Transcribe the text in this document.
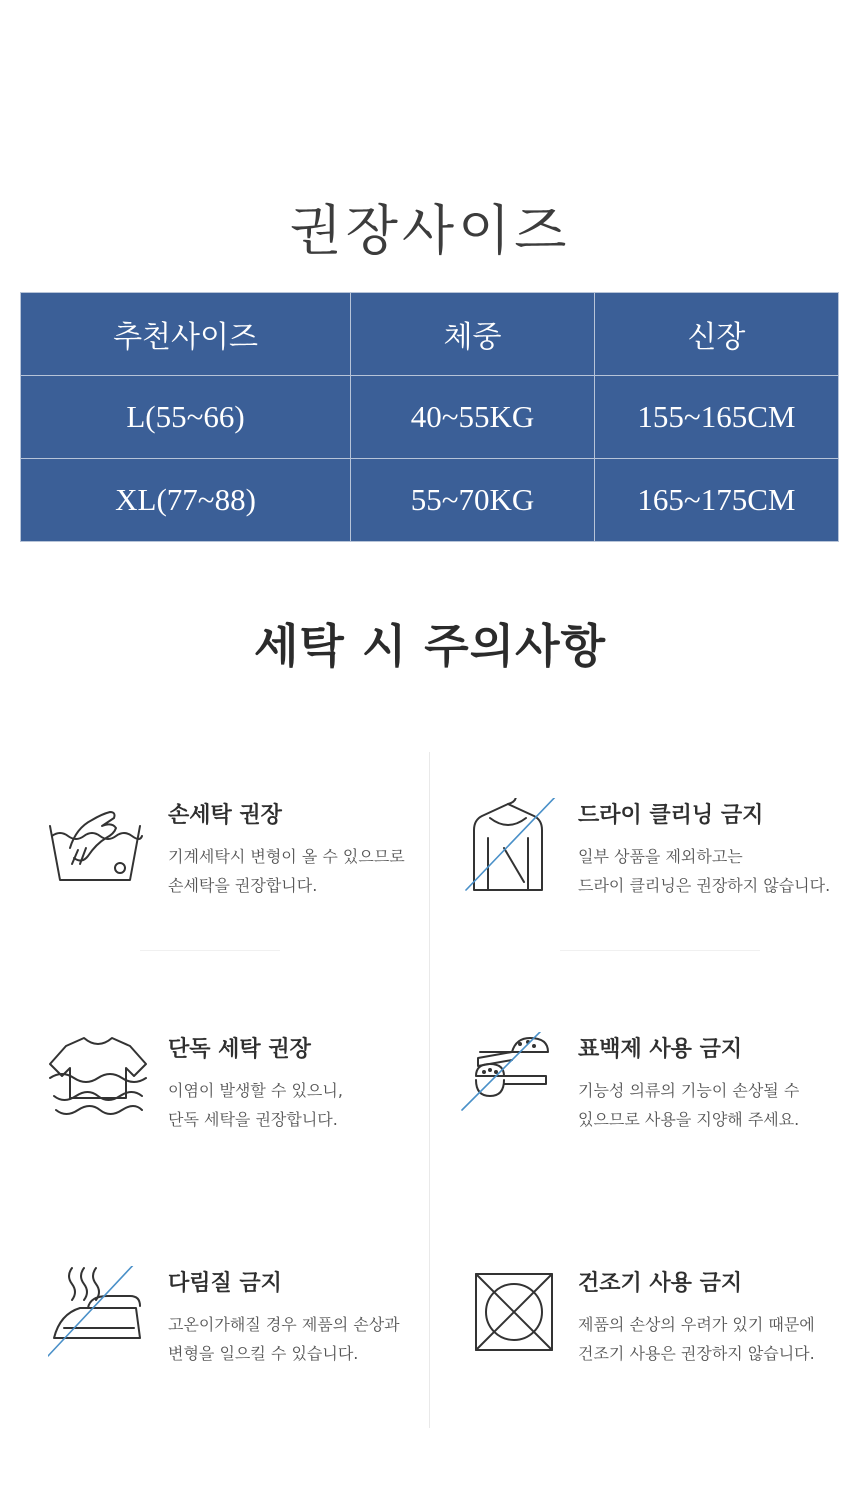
권장사이즈
추천사이즈	체중	신장
L(55~66)	40~55KG	155~165CM
XL(77~88)	55~70KG	165~175CM
세탁 시 주의사항
손세탁 권장

기계세탁시 변형이 올 수 있으므로
손세탁을 권장합니다.

드라이 클리닝 금지

일부 상품을 제외하고는
드라이 클리닝은 권장하지 않습니다.

단독 세탁 권장

이염이 발생할 수 있으니,
단독 세탁을 권장합니다.

표백제 사용 금지

기능성 의류의 기능이 손상될 수
있으므로 사용을 지양해 주세요.

다림질 금지

고온이가해질 경우 제품의 손상과
변형을 일으킬 수 있습니다.

건조기 사용 금지

제품의 손상의 우려가 있기 때문에
건조기 사용은 권장하지 않습니다.
